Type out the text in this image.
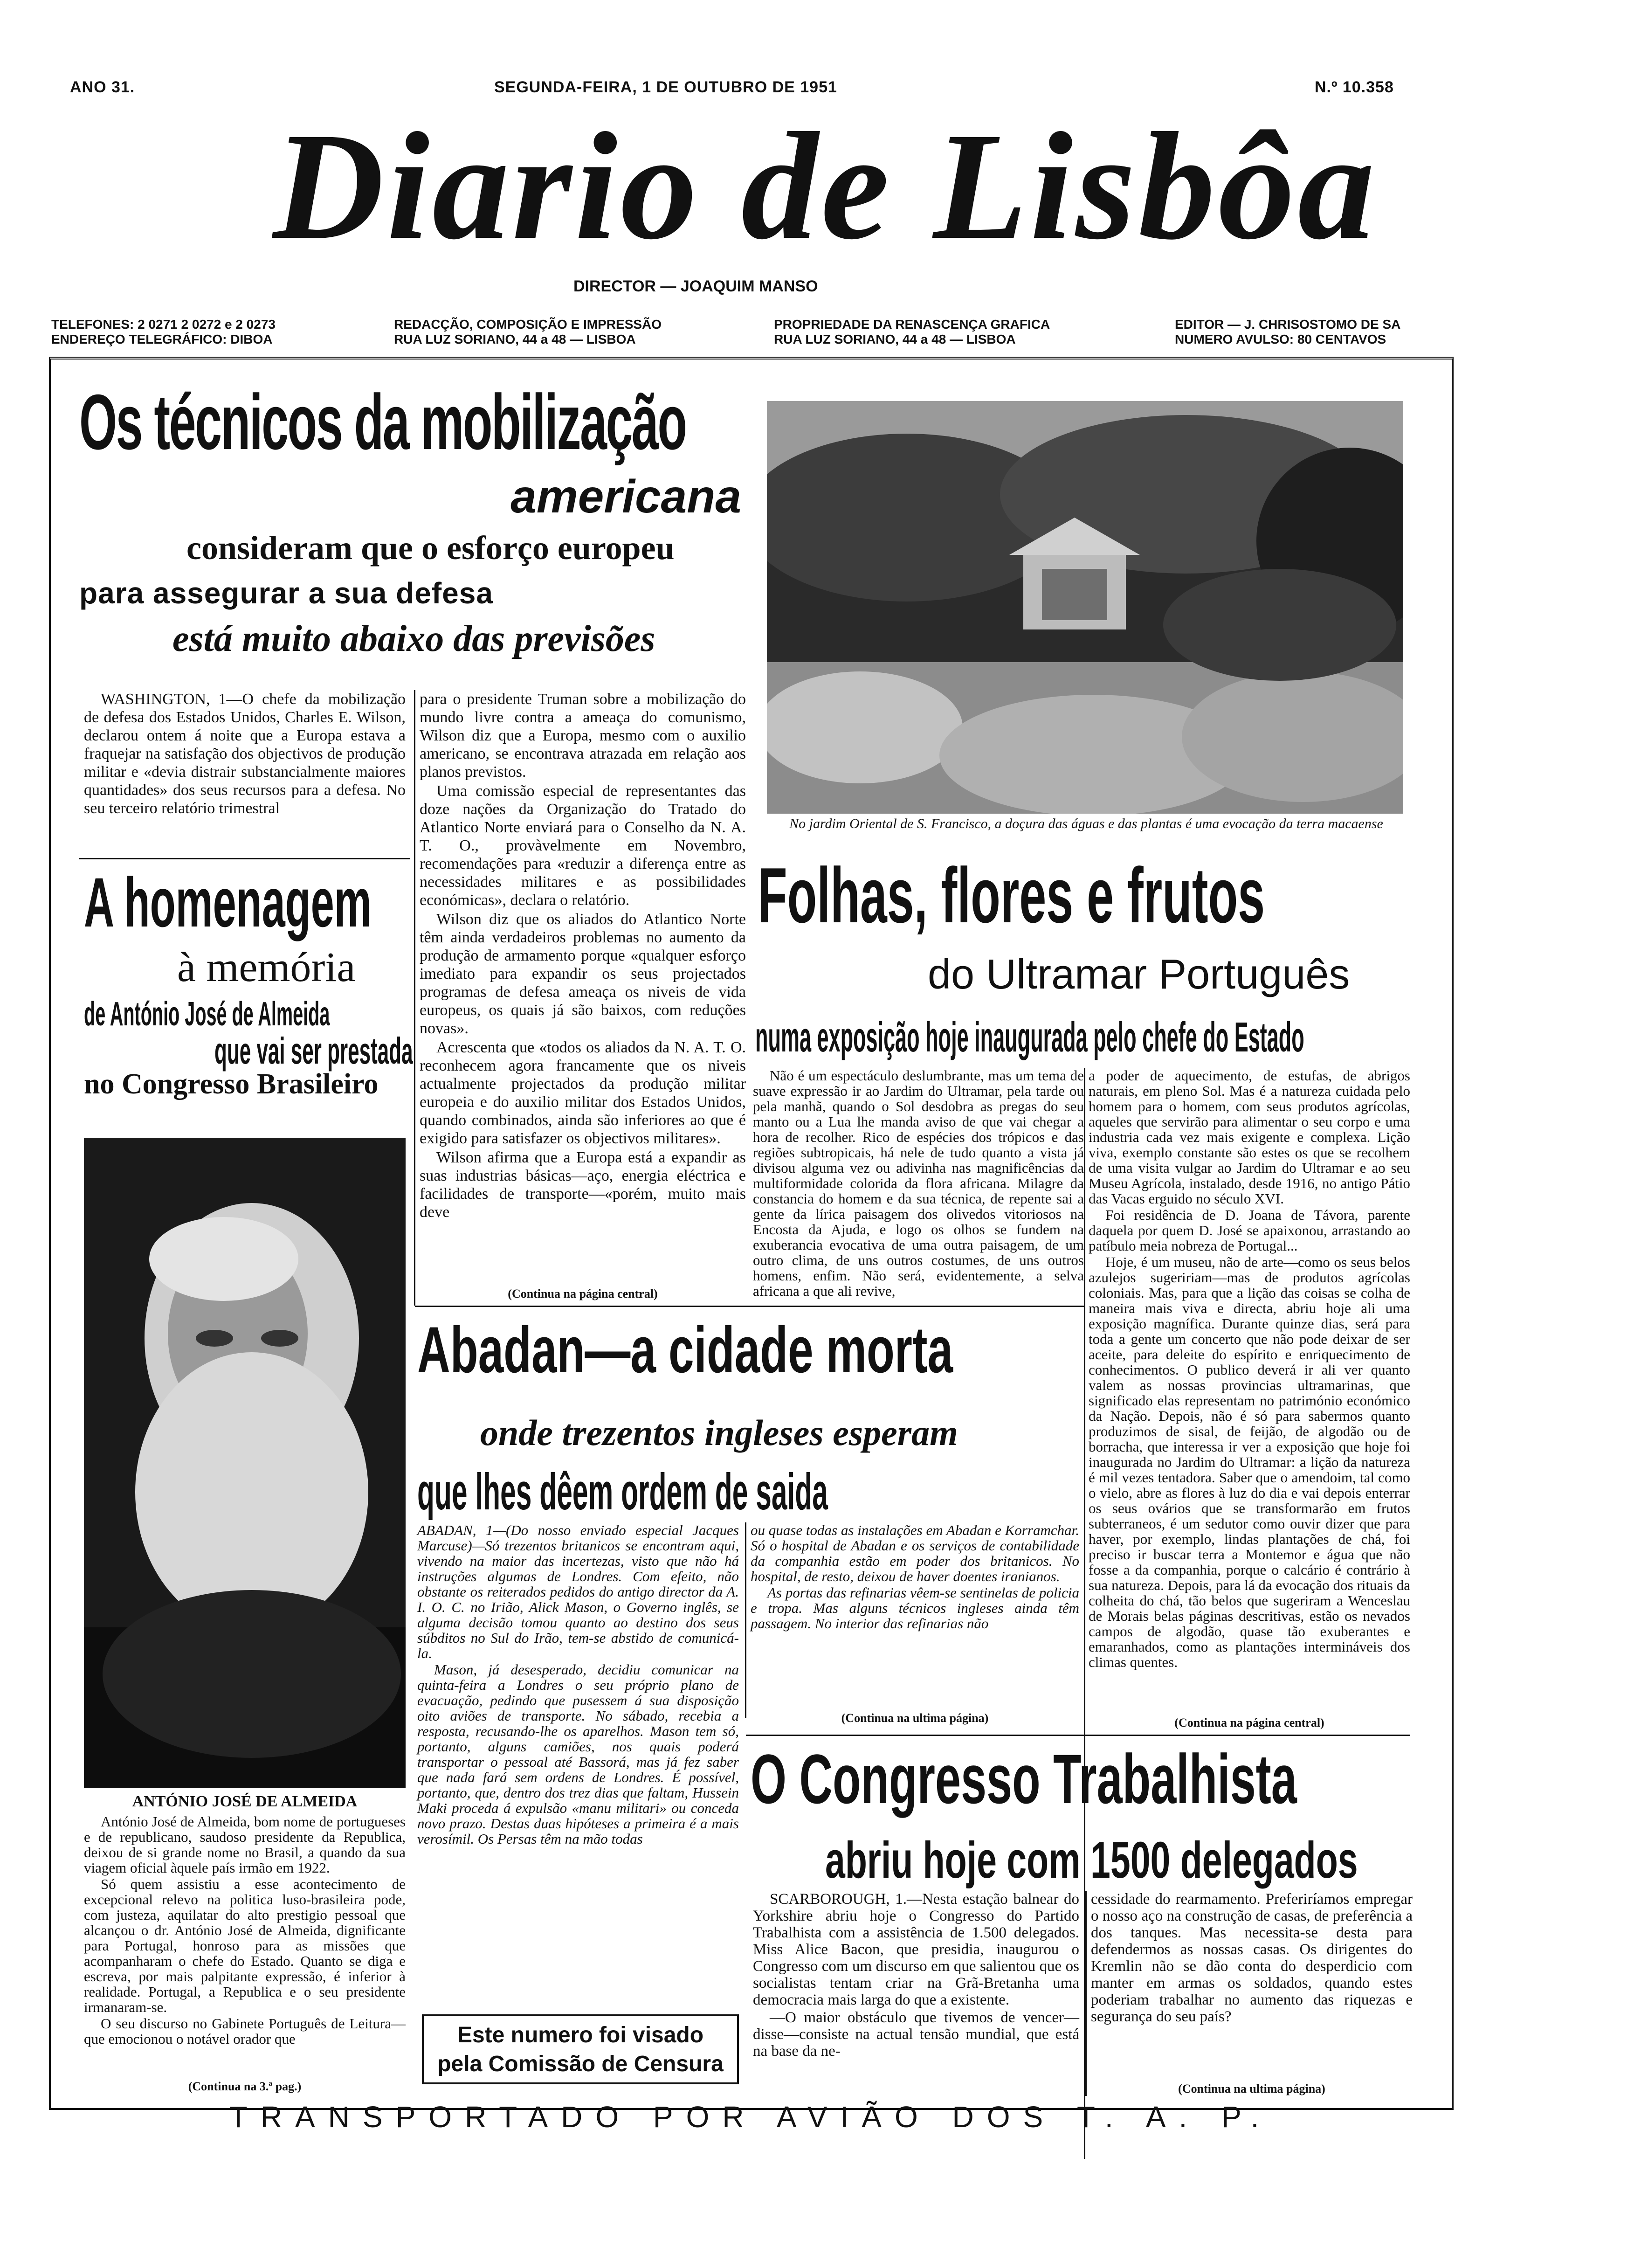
ANO 31.	SEGUNDA-FEIRA, 1 DE OUTUBRO DE 1951	N.º 10.358
Diario de Lisbôa
DIRECTOR — JOAQUIM MANSO
TELEFONES: 2 0271 2 0272 e 2 0273
ENDEREÇO TELEGRÁFICO: DIBOA
REDACÇÃO, COMPOSIÇÃO E IMPRESSÃO
RUA LUZ SORIANO, 44 a 48 — LISBOA
PROPRIEDADE DA RENASCENÇA GRAFICA
RUA LUZ SORIANO, 44 a 48 — LISBOA
EDITOR — J. CHRISOSTOMO DE SA
NUMERO AVULSO: 80 CENTAVOS
Os técnicos da mobilização
americana
consideram que o esforço europeu
para assegurar a sua defesa
está muito abaixo das previsões

WASHINGTON, 1—O chefe da mobilização de defesa dos Estados Unidos, Charles E. Wilson, declarou ontem á noite que a Europa estava a fraquejar na satisfação dos objectivos de produção militar e «devia distrair substancialmente maiores quantidades» dos seus recursos para a defesa. No seu terceiro relatório trimestral

para o presidente Truman sobre a mobilização do mundo livre contra a ameaça do comunismo, Wilson diz que a Europa, mesmo com o auxilio americano, se encontrava atrazada em relação aos planos previstos.

Uma comissão especial de representantes das doze nações da Organização do Tratado do Atlantico Norte enviará para o Conselho da N. A. T. O., provàvelmente em Novembro, recomendações para «reduzir a diferença entre as necessidades militares e as possibilidades económicas», declara o relatório.

Wilson diz que os aliados do Atlantico Norte têm ainda verdadeiros problemas no aumento da produção de armamento porque «qualquer esforço imediato para expandir os seus projectados programas de defesa ameaça os niveis de vida europeus, os quais já são baixos, com reduções novas».

Acrescenta que «todos os aliados da N. A. T. O. reconhecem agora francamente que os niveis actualmente projectados da produção militar europeia e do auxilio militar dos Estados Unidos, quando combinados, ainda são inferiores ao que é exigido para satisfazer os objectivos militares».

Wilson afirma que a Europa está a expandir as suas industrias básicas—aço, energia eléctrica e facilidades de transporte—«porém, muito mais deve

(Continua na página central)
A homenagem
à memória
de António José de Almeida
que vai ser prestada
no Congresso Brasileiro
ANTÓNIO JOSÉ DE ALMEIDA

António José de Almeida, bom nome de portugueses e de republicano, saudoso presidente da Republica, deixou de si grande nome no Brasil, a quando da sua viagem oficial àquele país irmão em 1922.

Só quem assistiu a esse acontecimento de excepcional relevo na politica luso-brasileira pode, com justeza, aquilatar do alto prestigio pessoal que alcançou o dr. António José de Almeida, dignificante para Portugal, honroso para as missões que acompanharam o chefe do Estado. Quanto se diga e escreva, por mais palpitante expressão, é inferior à realidade. Portugal, a Republica e o seu presidente irmanaram-se.

O seu discurso no Gabinete Português de Leitura—que emocionou o notável orador que

(Continua na 3.ª pag.)
No jardim Oriental de S. Francisco, a doçura das águas e das plantas é uma evocação da terra macaense
Folhas, flores e frutos
do Ultramar Português
numa exposição hoje inaugurada pelo chefe do Estado

Não é um espectáculo deslumbrante, mas um tema de suave expressão ir ao Jardim do Ultramar, pela tarde ou pela manhã, quando o Sol desdobra as pregas do seu manto ou a Lua lhe manda aviso de que vai chegar a hora de recolher. Rico de espécies dos trópicos e das regiões subtropicais, há nele de tudo quanto a vista já divisou alguma vez ou adivinha nas magnificências da multiformidade colorida da flora africana. Milagre da constancia do homem e da sua técnica, de repente sai a gente da lírica paisagem dos olivedos vitoriosos na Encosta da Ajuda, e logo os olhos se fundem na exuberancia evocativa de uma outra paisagem, de um outro clima, de uns outros costumes, de uns outros homens, enfim. Não será, evidentemente, a selva africana a que ali revive,

a poder de aquecimento, de estufas, de abrigos naturais, em pleno Sol. Mas é a natureza cuidada pelo homem para o homem, com seus produtos agrícolas, aqueles que servirão para alimentar o seu corpo e uma industria cada vez mais exigente e complexa. Lição viva, exemplo constante são estes os que se recolhem de uma visita vulgar ao Jardim do Ultramar e ao seu Museu Agrícola, instalado, desde 1916, no antigo Pátio das Vacas erguido no século XVI.

Foi residência de D. Joana de Távora, parente daquela por quem D. José se apaixonou, arrastando ao patíbulo meia nobreza de Portugal...

Hoje, é um museu, não de arte—como os seus belos azulejos sugeririam—mas de produtos agrícolas coloniais. Mas, para que a lição das coisas se colha de maneira mais viva e directa, abriu hoje ali uma exposição magnífica. Durante quinze dias, será para toda a gente um concerto que não pode deixar de ser aceite, para deleite do espírito e enriquecimento de conhecimentos. O publico deverá ir ali ver quanto valem as nossas provincias ultramarinas, que significado elas representam no património económico da Nação. Depois, não é só para sabermos quanto produzimos de sisal, de feijão, de algodão ou de borracha, que interessa ir ver a exposição que hoje foi inaugurada no Jardim do Ultramar: a lição da natureza é mil vezes tentadora. Saber que o amendoim, tal como o vielo, abre as flores à luz do dia e vai depois enterrar os seus ovários que se transformarão em frutos subterraneos, é um sedutor como ouvir dizer que para haver, por exemplo, lindas plantações de chá, foi preciso ir buscar terra a Montemor e água que não fosse a da companhia, porque o calcário é contrário à sua natureza. Depois, para lá da evocação dos rituais da colheita do chá, tão belos que sugeriram a Wenceslau de Morais belas páginas descritivas, estão os nevados campos de algodão, quase tão exuberantes e emaranhados, como as plantações intermináveis dos climas quentes.

(Continua na página central)
Abadan—a cidade morta
onde trezentos ingleses esperam
que lhes dêem ordem de saida

ABADAN, 1—(Do nosso enviado especial Jacques Marcuse)—Só trezentos britanicos se encontram aqui, vivendo na maior das incertezas, visto que não há instruções algumas de Londres. Com efeito, não obstante os reiterados pedidos do antigo director da A. I. O. C. no Irião, Alick Mason, o Governo inglês, se alguma decisão tomou quanto ao destino dos seus súbditos no Sul do Irão, tem-se abstido de comunicá-la.

Mason, já desesperado, decidiu comunicar na quinta-feira a Londres o seu próprio plano de evacuação, pedindo que pusessem á sua disposição oito aviões de transporte. No sábado, recebia a resposta, recusando-lhe os aparelhos. Mason tem só, portanto, alguns camiões, nos quais poderá transportar o pessoal até Bassorá, mas já fez saber que nada fará sem ordens de Londres. É possível, portanto, que, dentro dos trez dias que faltam, Hussein Maki proceda á expulsão «manu militari» ou conceda novo prazo. Destas duas hipóteses a primeira é a mais verosímil. Os Persas têm na mão todas

ou quase todas as instalações em Abadan e Korramchar. Só o hospital de Abadan e os serviços de contabilidade da companhia estão em poder dos britanicos. No hospital, de resto, deixou de haver doentes iranianos.

As portas das refinarias vêem-se sentinelas de policia e tropa. Mas alguns técnicos ingleses ainda têm passagem. No interior das refinarias não

(Continua na ultima página)
Este numero foi visado
pela Comissão de Censura
O Congresso Trabalhista
abriu hoje com 1500 delegados

SCARBOROUGH, 1.—Nesta estação balnear do Yorkshire abriu hoje o Congresso do Partido Trabalhista com a assistência de 1.500 delegados. Miss Alice Bacon, que presidia, inaugurou o Congresso com um discurso em que salientou que os socialistas tentam criar na Grã-Bretanha uma democracia mais larga do que a existente.

—O maior obstáculo que tivemos de vencer—disse—consiste na actual tensão mundial, que está na base da ne-

cessidade do rearmamento. Preferiríamos empregar o nosso aço na construção de casas, de preferência a dos tanques. Mas necessita-se desta para defendermos as nossas casas. Os dirigentes do Kremlin não se dão conta do desperdicio com manter em armas os soldados, quando estes poderiam trabalhar no aumento das riquezas e segurança do seu país?

(Continua na ultima página)
TRANSPORTADO POR AVIÃO DOS T. A. P.
